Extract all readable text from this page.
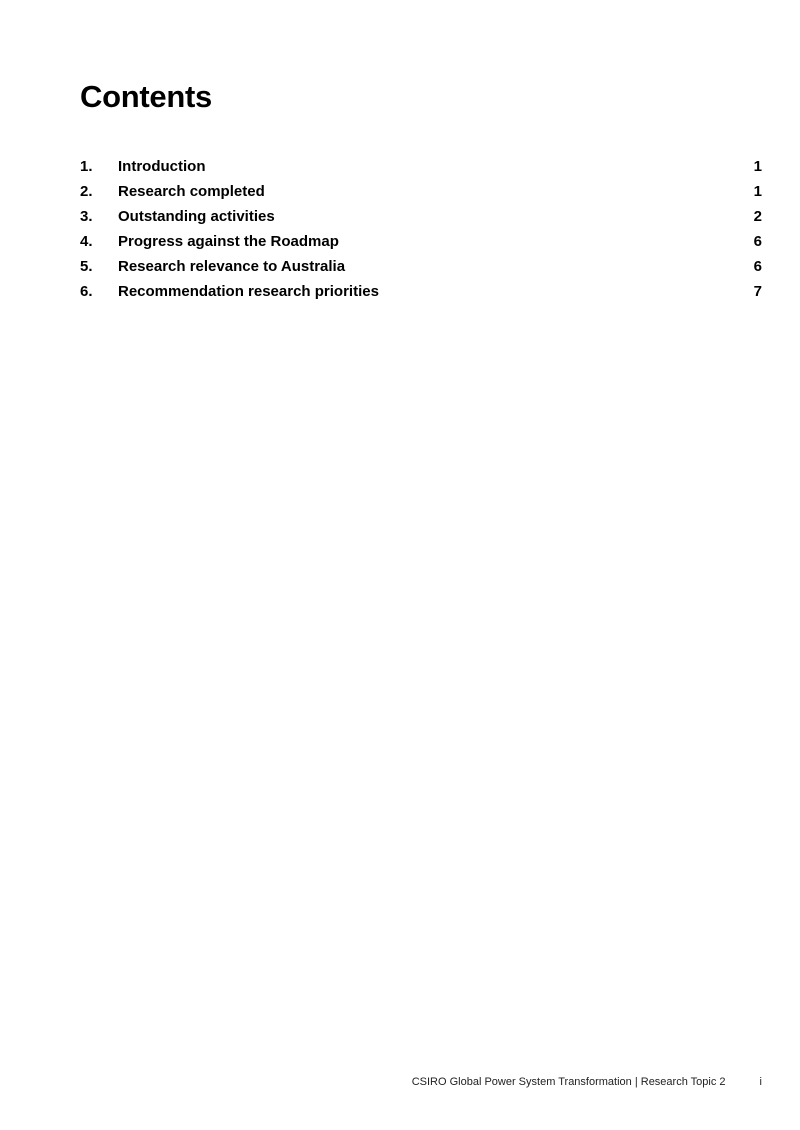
Contents
1.	Introduction	1
2.	Research completed	1
3.	Outstanding activities	2
4.	Progress against the Roadmap	6
5.	Research relevance to Australia	6
6.	Recommendation research priorities	7
CSIRO Global Power System Transformation | Research Topic 2	i
